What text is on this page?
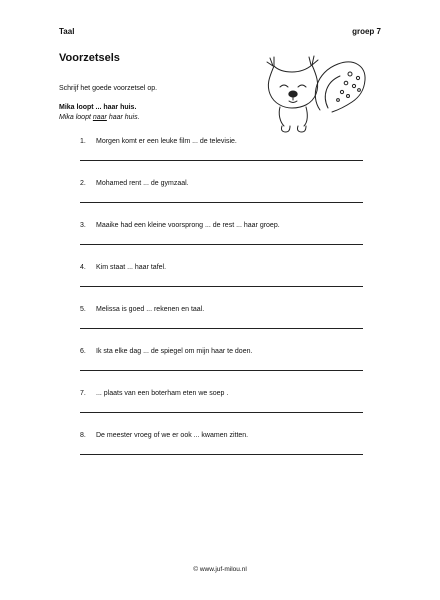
Taal	groep 7
Voorzetsels
Schrijf het goede voorzetsel op.
Mika loopt ... haar huis.
Mika loopt naar haar huis.
1.	Morgen komt er een leuke film ... de televisie.
2.	Mohamed rent ... de gymzaal.
3.	Maaike had een kleine voorsprong ... de rest ... haar groep.
4.	Kim staat ... haar tafel.
5.	Melissa is goed ... rekenen en taal.
6.	Ik sta elke dag ... de spiegel om mijn haar te doen.
7.	... plaats van een boterham eten we soep .
8.	De meester vroeg of we er ook ... kwamen zitten.
© www.juf-milou.nl
